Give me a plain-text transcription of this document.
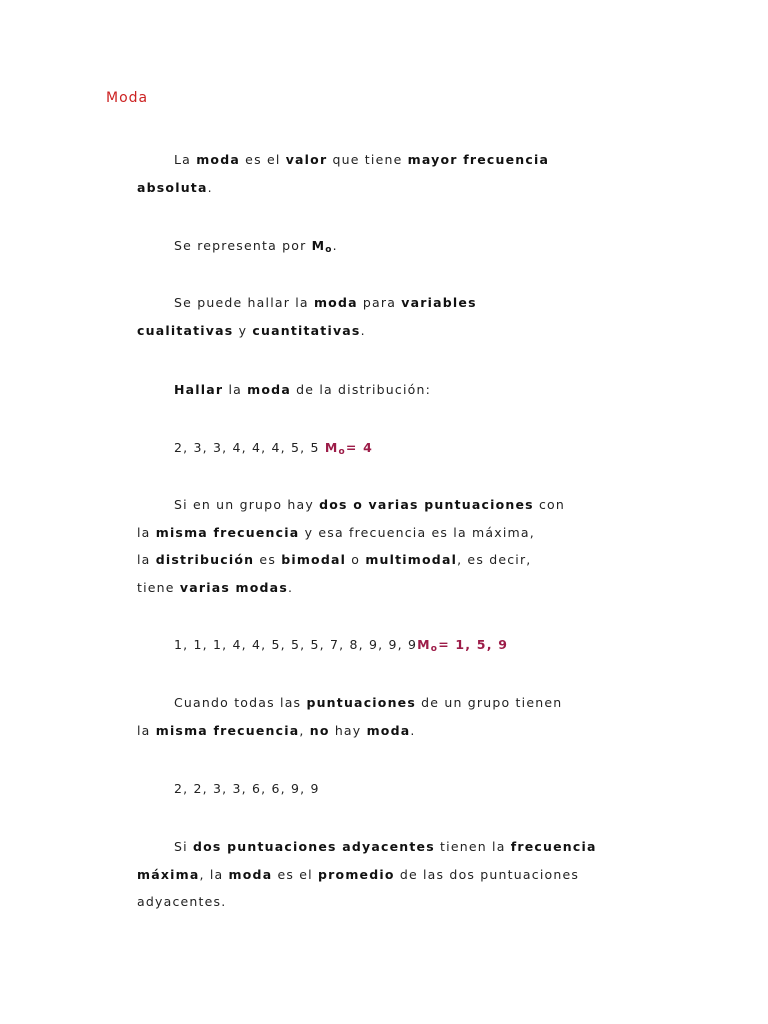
Moda
La moda es el valor que tiene mayor frecuencia
absoluta.
Se representa por Mo.
Se puede hallar la moda para variables
cualitativas y cuantitativas.
Hallar la moda de la distribución:
2, 3, 3, 4, 4, 4, 5, 5 Mo= 4
Si en un grupo hay dos o varias puntuaciones con
la misma frecuencia y esa frecuencia es la máxima,
la distribución es bimodal o multimodal, es decir,
tiene varias modas.
1, 1, 1, 4, 4, 5, 5, 5, 7, 8, 9, 9, 9Mo= 1, 5, 9
Cuando todas las puntuaciones de un grupo tienen
la misma frecuencia, no hay moda.
2, 2, 3, 3, 6, 6, 9, 9
Si dos puntuaciones adyacentes tienen la frecuencia
máxima, la moda es el promedio de las dos puntuaciones
adyacentes.
